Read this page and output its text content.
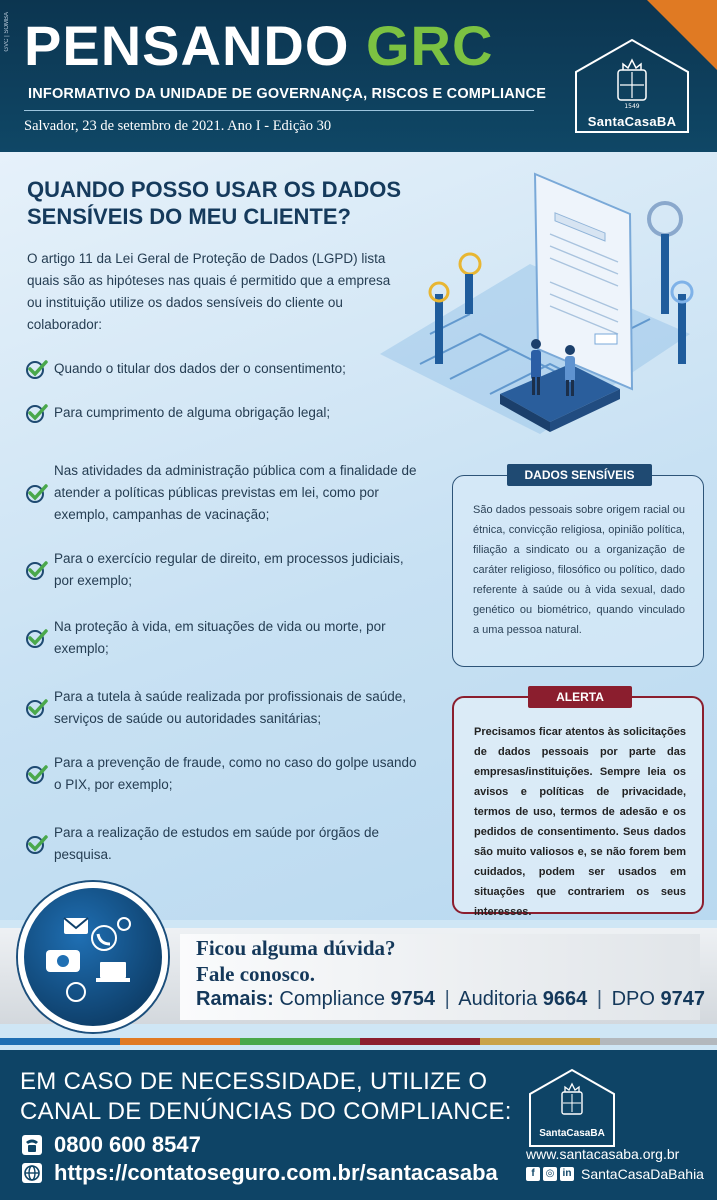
GVC | SOMBA PENSANDO GRC
INFORMATIVO DA UNIDADE DE GOVERNANÇA, RISCOS E COMPLIANCE
Salvador, 23 de setembro de 2021. Ano I - Edição 30
1549
SantaCasaBA
QUANDO POSSO USAR OS DADOS SENSÍVEIS DO MEU CLIENTE?
O artigo 11 da Lei Geral de Proteção de Dados (LGPD) lista quais são as hipóteses nas quais é permitido que a empresa ou instituição utilize os dados sensíveis do cliente ou colaborador:
Quando o titular dos dados der o consentimento;
Para cumprimento de alguma obrigação legal;
Nas atividades da administração pública com a finalidade de atender a políticas públicas previstas em lei, como por exemplo, campanhas de vacinação;
Para o exercício regular de direito, em processos judiciais, por exemplo;
Na proteção à vida, em situações de vida ou morte, por exemplo;
Para a tutela à saúde realizada por profissionais de saúde, serviços de saúde ou autoridades sanitárias;
Para a prevenção de fraude, como no caso do golpe usando o PIX, por exemplo;
Para a realização de estudos em saúde por órgãos de pesquisa.
DADOS SENSÍVEIS
São dados pessoais sobre origem racial ou étnica, convicção religiosa, opinião política, filiação a sindicato ou a organização de caráter religioso, filosófico ou político, dado referente à saúde ou à vida sexual, dado genético ou biométrico, quando vinculado a uma pessoa natural.
ALERTA
Precisamos ficar atentos às solicitações de dados pessoais por parte das empresas/instituições. Sempre leia os avisos e políticas de privacidade, termos de uso, termos de adesão e os pedidos de consentimento. Seus dados são muito valiosos e, se não forem bem cuidados, podem ser usados em situações que contrariem os seus interesses.
Ficou alguma dúvida?
Fale conosco.
Ramais: Compliance 9754 | Auditoria 9664 | DPO 9747
EM CASO DE NECESSIDADE, UTILIZE O
CANAL DE DENÚNCIAS DO COMPLIANCE:
0800 600 8547
https://contatoseguro.com.br/santacasaba
SantaCasaBA
www.santacasaba.org.br
f	◎ in SantaCasaDaBahia
